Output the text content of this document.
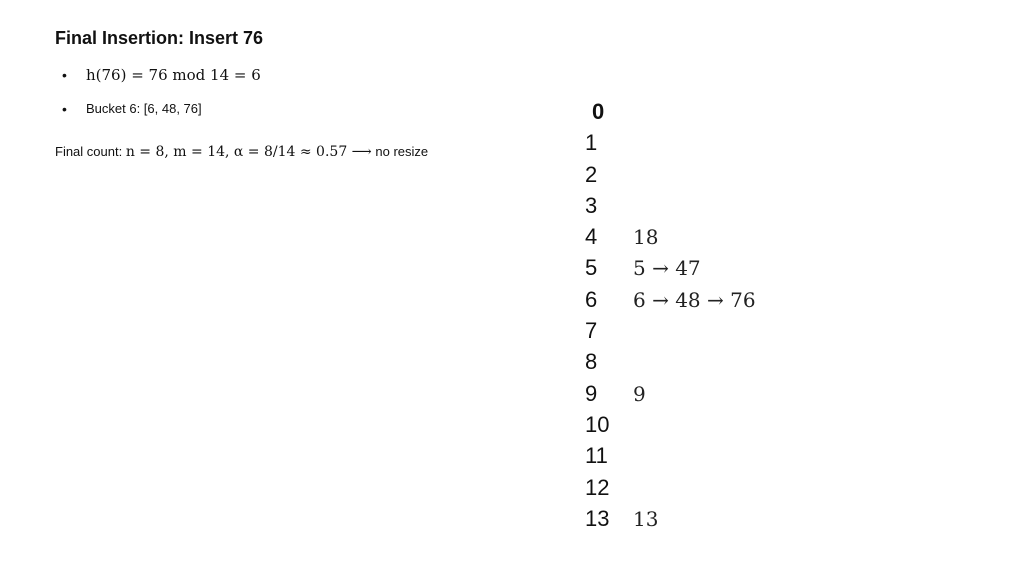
Final Insertion: Insert 76
• h(76) = 76 mod 14 = 6
• Bucket 6: [6, 48, 76]
Final count: n = 8, m = 14, α = 8/14 ≈ 0.57 ⟶ no resize
0
1
2
3
4 18
5 5 → 47
6 6 → 48 → 76
7
8
9 9
10
11
12
13 13
